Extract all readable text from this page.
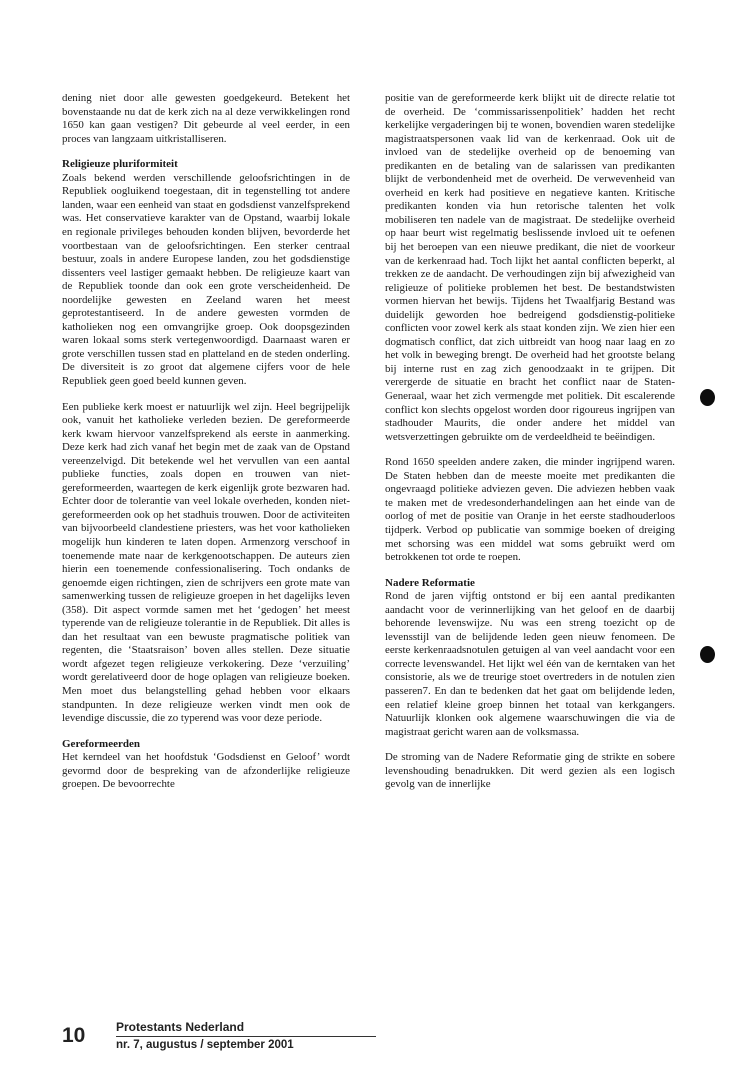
dening niet door alle gewesten goedgekeurd. Betekent het bovenstaande nu dat de kerk zich na al deze verwikkelingen rond 1650 kan gaan vestigen? Dit gebeurde al veel eerder, in een proces van langzaam uitkristalliseren.

Religieuze pluriformiteit

Zoals bekend werden verschillende geloofsrichtingen in de Republiek oogluikend toegestaan, dit in tegenstelling tot andere landen, waar een eenheid van staat en godsdienst vanzelfsprekend was. Het conservatieve karakter van de Opstand, waarbij lokale en regionale privileges behouden konden blijven, bevorderde het voortbestaan van de geloofsrichtingen. Een sterker centraal bestuur, zoals in andere Europese landen, zou het godsdienstige dissenters veel lastiger gemaakt hebben. De religieuze kaart van de Republiek toonde dan ook een grote verscheidenheid. De noordelijke gewesten en Zeeland waren het meest geprotestantiseerd. In de andere gewesten vormden de katholieken nog een omvangrijke groep. Ook doopsgezinden waren lokaal soms sterk vertegenwoordigd. Daarnaast waren er grote verschillen tussen stad en platteland en de steden onderling. De diversiteit is zo groot dat algemene cijfers voor de hele Republiek geen goed beeld kunnen geven.

Een publieke kerk moest er natuurlijk wel zijn. Heel begrijpelijk ook, vanuit het katholieke verleden bezien. De gereformeerde kerk kwam hiervoor vanzelfsprekend als eerste in aanmerking. Deze kerk had zich vanaf het begin met de zaak van de Opstand vereenzelvigd. Dit betekende wel het vervullen van een aantal publieke functies, zoals dopen en trouwen van niet-gereformeerden, waartegen de kerk eigenlijk grote bezwaren had. Echter door de tolerantie van veel lokale overheden, konden niet-gereformeerden ook op het stadhuis trouwen. Door de activiteiten van bijvoorbeeld clandestiene priesters, was het voor katholieken mogelijk hun kinderen te laten dopen. Armenzorg verschoof in toenemende mate naar de kerkgenootschappen. De auteurs zien hierin een toenemende confessionalisering. Toch ondanks de genoemde eigen richtingen, zien de schrijvers een grote mate van samenwerking tussen de religieuze groepen in het dagelijks leven (358). Dit aspect vormde samen met het ‘gedogen’ het meest typerende van de religieuze tolerantie in de Republiek. Dit alles is dan het resultaat van een bewuste pragmatische politiek van regenten, die ‘Staatsraison’ boven alles stellen. Deze situatie wordt afgezet tegen religieuze verkokering. Deze ‘verzuiling’ wordt gerelativeerd door de hoge oplagen van religieuze boeken. Men moet dus belangstelling gehad hebben voor elkaars standpunten. In deze religieuze werken vindt men ook de levendige discussie, die zo typerend was voor deze periode.

Gereformeerden

Het kerndeel van het hoofdstuk ‘Godsdienst en Geloof’ wordt gevormd door de bespreking van de afzonderlijke religieuze groepen. De bevoorrechte

positie van de gereformeerde kerk blijkt uit de directe relatie tot de overheid. De ‘commissarissenpolitiek’ hadden het recht kerkelijke vergaderingen bij te wonen, bovendien waren stedelijke magistraatspersonen vaak lid van de kerkenraad. Ook uit de invloed van de stedelijke overheid op de benoeming van predikanten en de betaling van de salarissen van predikanten blijkt de verbondenheid met de overheid. De verwevenheid van overheid en kerk had positieve en negatieve kanten. Kritische predikanten konden via hun retorische talenten het volk mobiliseren ten nadele van de magistraat. De stedelijke overheid op haar beurt wist regelmatig beslissende invloed uit te oefenen bij het beroepen van een nieuwe predikant, die niet de voorkeur van de kerkenraad had. Toch lijkt het aantal conflicten beperkt, al trekken ze de aandacht. De verhoudingen zijn bij afwezigheid van religieuze of politieke problemen het best. De bestandstwisten vormen hiervan het bewijs. Tijdens het Twaalfjarig Bestand was duidelijk geworden hoe bedreigend godsdienstig-politieke conflicten voor zowel kerk als staat konden zijn. We zien hier een dogmatisch conflict, dat zich uitbreidt van hoog naar laag en zo het volk in beweging brengt. De overheid had het grootste belang bij interne rust en zag zich genoodzaakt in te grijpen. Dit verergerde de situatie en bracht het conflict naar de Staten-Generaal, waar het zich vermengde met politiek. Dit escalerende conflict kon slechts opgelost worden door rigoureus ingrijpen van stadhouder Maurits, die onder andere het middel van wetsverzettingen gebruikte om de verdeeldheid te beëindigen.

Rond 1650 speelden andere zaken, die minder ingrijpend waren. De Staten hebben dan de meeste moeite met predikanten die ongevraagd politieke adviezen geven. Die adviezen hebben vaak te maken met de vredesonderhandelingen aan het einde van de oorlog of met de positie van Oranje in het eerste stadhouderloos tijdperk. Verbod op publicatie van sommige boeken of dreiging met schorsing was een middel wat soms gebruikt werd om betrokkenen tot orde te roepen.

Nadere Reformatie

Rond de jaren vijftig ontstond er bij een aantal predikanten aandacht voor de verinnerlijking van het geloof en de daarbij behorende levenswijze. Nu was een streng toezicht op de levensstijl van de belijdende leden geen nieuw fenomeen. De eerste kerkenraadsnotulen getuigen al van veel aandacht voor een correcte levenswandel. Het lijkt wel één van de kerntaken van het consistorie, als we de treurige stoet overtreders in de notulen zien passeren7. En dan te bedenken dat het gaat om belijdende leden, een relatief kleine groep binnen het totaal van kerkgangers. Natuurlijk klonken ook algemene waarschuwingen die via de magistraat gericht waren aan de volksmassa.

De stroming van de Nadere Reformatie ging de strikte en sobere levenshouding benadrukken. Dit werd gezien als een logisch gevolg van de innerlijke

10	Protestants Nederland
nr. 7, augustus / september 2001
